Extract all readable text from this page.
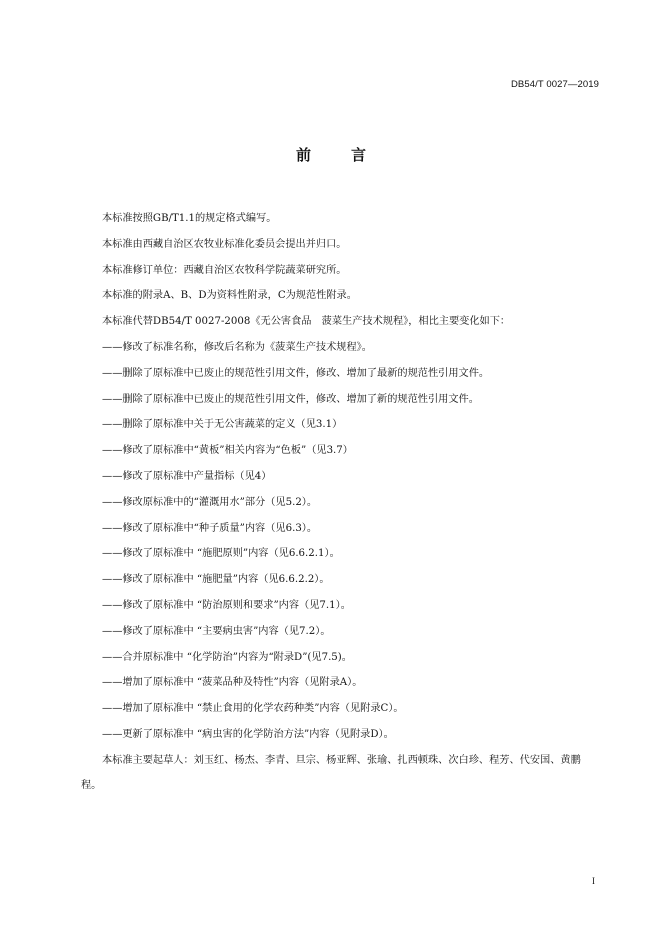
DB54/T 0027—2019
前言

本标准按照GB/T1.1的规定格式编写。

本标准由西藏自治区农牧业标准化委员会提出并归口。

本标准修订单位：西藏自治区农牧科学院蔬菜研究所。

本标准的附录A、B、D为资料性附录，C为规范性附录。

本标准代替DB54/T 0027-2008《无公害食品　菠菜生产技术规程》，相比主要变化如下：

——修改了标准名称，修改后名称为《菠菜生产技术规程》。

——删除了原标准中已废止的规范性引用文件，修改、增加了最新的规范性引用文件。

——删除了原标准中已废止的规范性引用文件，修改、增加了新的规范性引用文件。

——删除了原标准中关于无公害蔬菜的定义（见3.1）

——修改了原标准中“黄板”相关内容为“色板”（见3.7）

——修改了原标准中产量指标（见4）

——修改原标准中的“灌溉用水”部分（见5.2）。

——修改了原标准中“种子质量”内容（见6.3）。

——修改了原标准中 “施肥原则”内容（见6.6.2.1）。

——修改了原标准中 “施肥量”内容（见6.6.2.2）。

——修改了原标准中 “防治原则和要求”内容（见7.1）。

——修改了原标准中 “主要病虫害”内容（见7.2）。

——合并原标准中 “化学防治”内容为“附录D”(见7.5)。

——增加了原标准中 “菠菜品种及特性”内容（见附录A）。

——增加了原标准中 “禁止食用的化学农药种类”内容（见附录C）。

——更新了原标准中 “病虫害的化学防治方法”内容（见附录D）。

本标准主要起草人：刘玉红、杨杰、李青、旦宗、杨亚辉、张瑜、扎西顿珠、次白珍、程芳、代安国、黄鹏程。

I
